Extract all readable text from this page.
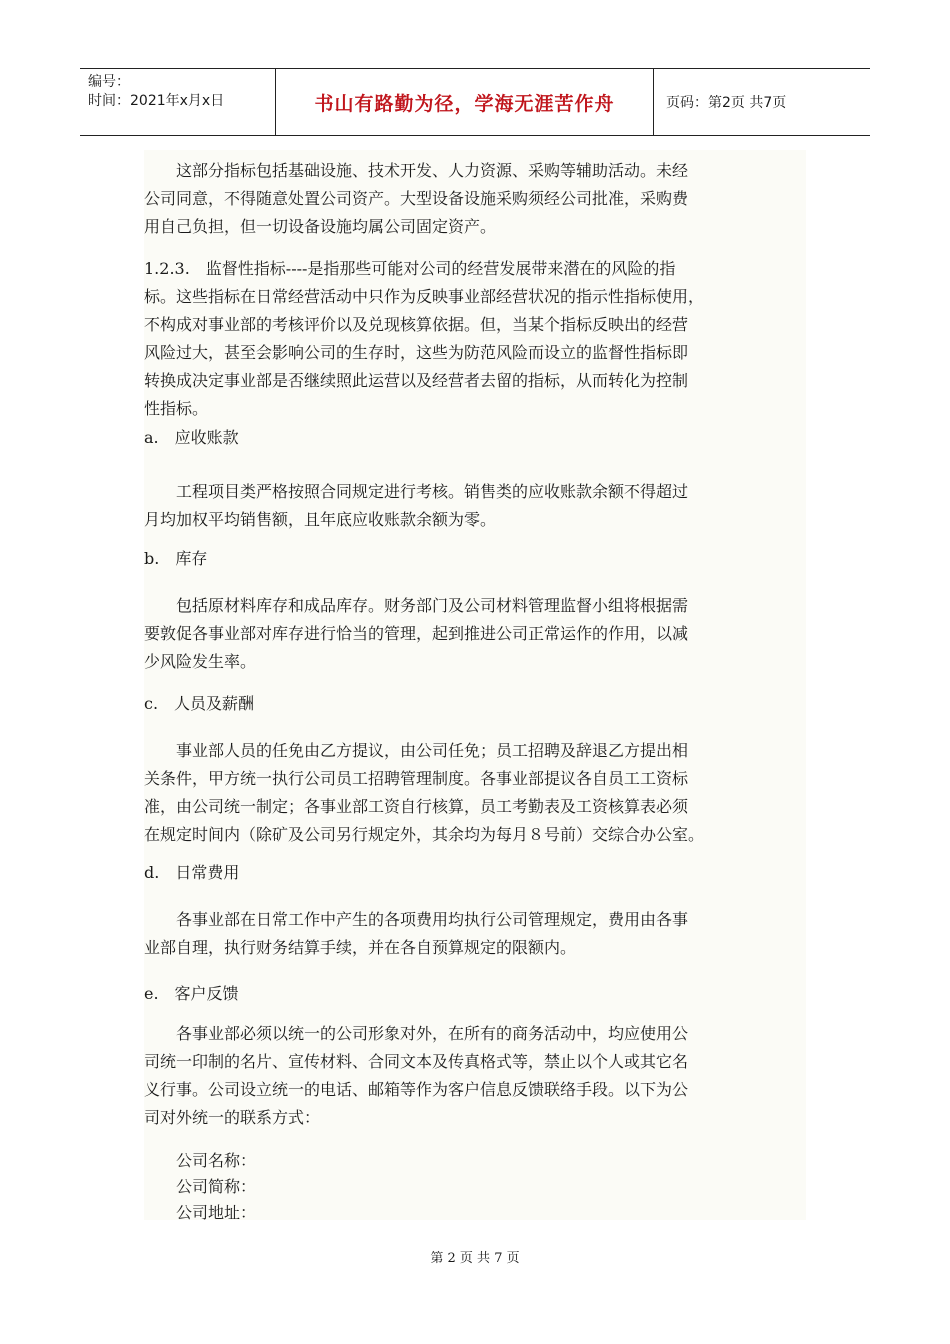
编号：
时间：2021年x月x日	书山有路勤为径，学海无涯苦作舟	页码：第2页 共7页
这部分指标包括基础设施、技术开发、人力资源、采购等辅助活动。未经
公司同意，不得随意处置公司资产。大型设备设施采购须经公司批准，采购费
用自己负担，但一切设备设施均属公司固定资产。
1.2.3.　监督性指标----是指那些可能对公司的经营发展带来潜在的风险的指
标。这些指标在日常经营活动中只作为反映事业部经营状况的指示性指标使用，
不构成对事业部的考核评价以及兑现核算依据。但，当某个指标反映出的经营
风险过大，甚至会影响公司的生存时，这些为防范风险而设立的监督性指标即
转换成决定事业部是否继续照此运营以及经营者去留的指标，从而转化为控制
性指标。
a.　应收账款
工程项目类严格按照合同规定进行考核。销售类的应收账款余额不得超过
月均加权平均销售额，且年底应收账款余额为零。
b.　库存
包括原材料库存和成品库存。财务部门及公司材料管理监督小组将根据需
要敦促各事业部对库存进行恰当的管理，起到推进公司正常运作的作用，以减
少风险发生率。
c.　人员及薪酬
事业部人员的任免由乙方提议，由公司任免；员工招聘及辞退乙方提出相
关条件，甲方统一执行公司员工招聘管理制度。各事业部提议各自员工工资标
准，由公司统一制定；各事业部工资自行核算，员工考勤表及工资核算表必须
在规定时间内（除矿及公司另行规定外，其余均为每月８号前）交综合办公室。
d.　日常费用
各事业部在日常工作中产生的各项费用均执行公司管理规定，费用由各事
业部自理，执行财务结算手续，并在各自预算规定的限额内。
e.　客户反馈
各事业部必须以统一的公司形象对外，在所有的商务活动中，均应使用公
司统一印制的名片、宣传材料、合同文本及传真格式等，禁止以个人或其它名
义行事。公司设立统一的电话、邮箱等作为客户信息反馈联络手段。以下为公
司对外统一的联系方式：
公司名称：
公司简称：
公司地址：
第 2 页 共 7 页
